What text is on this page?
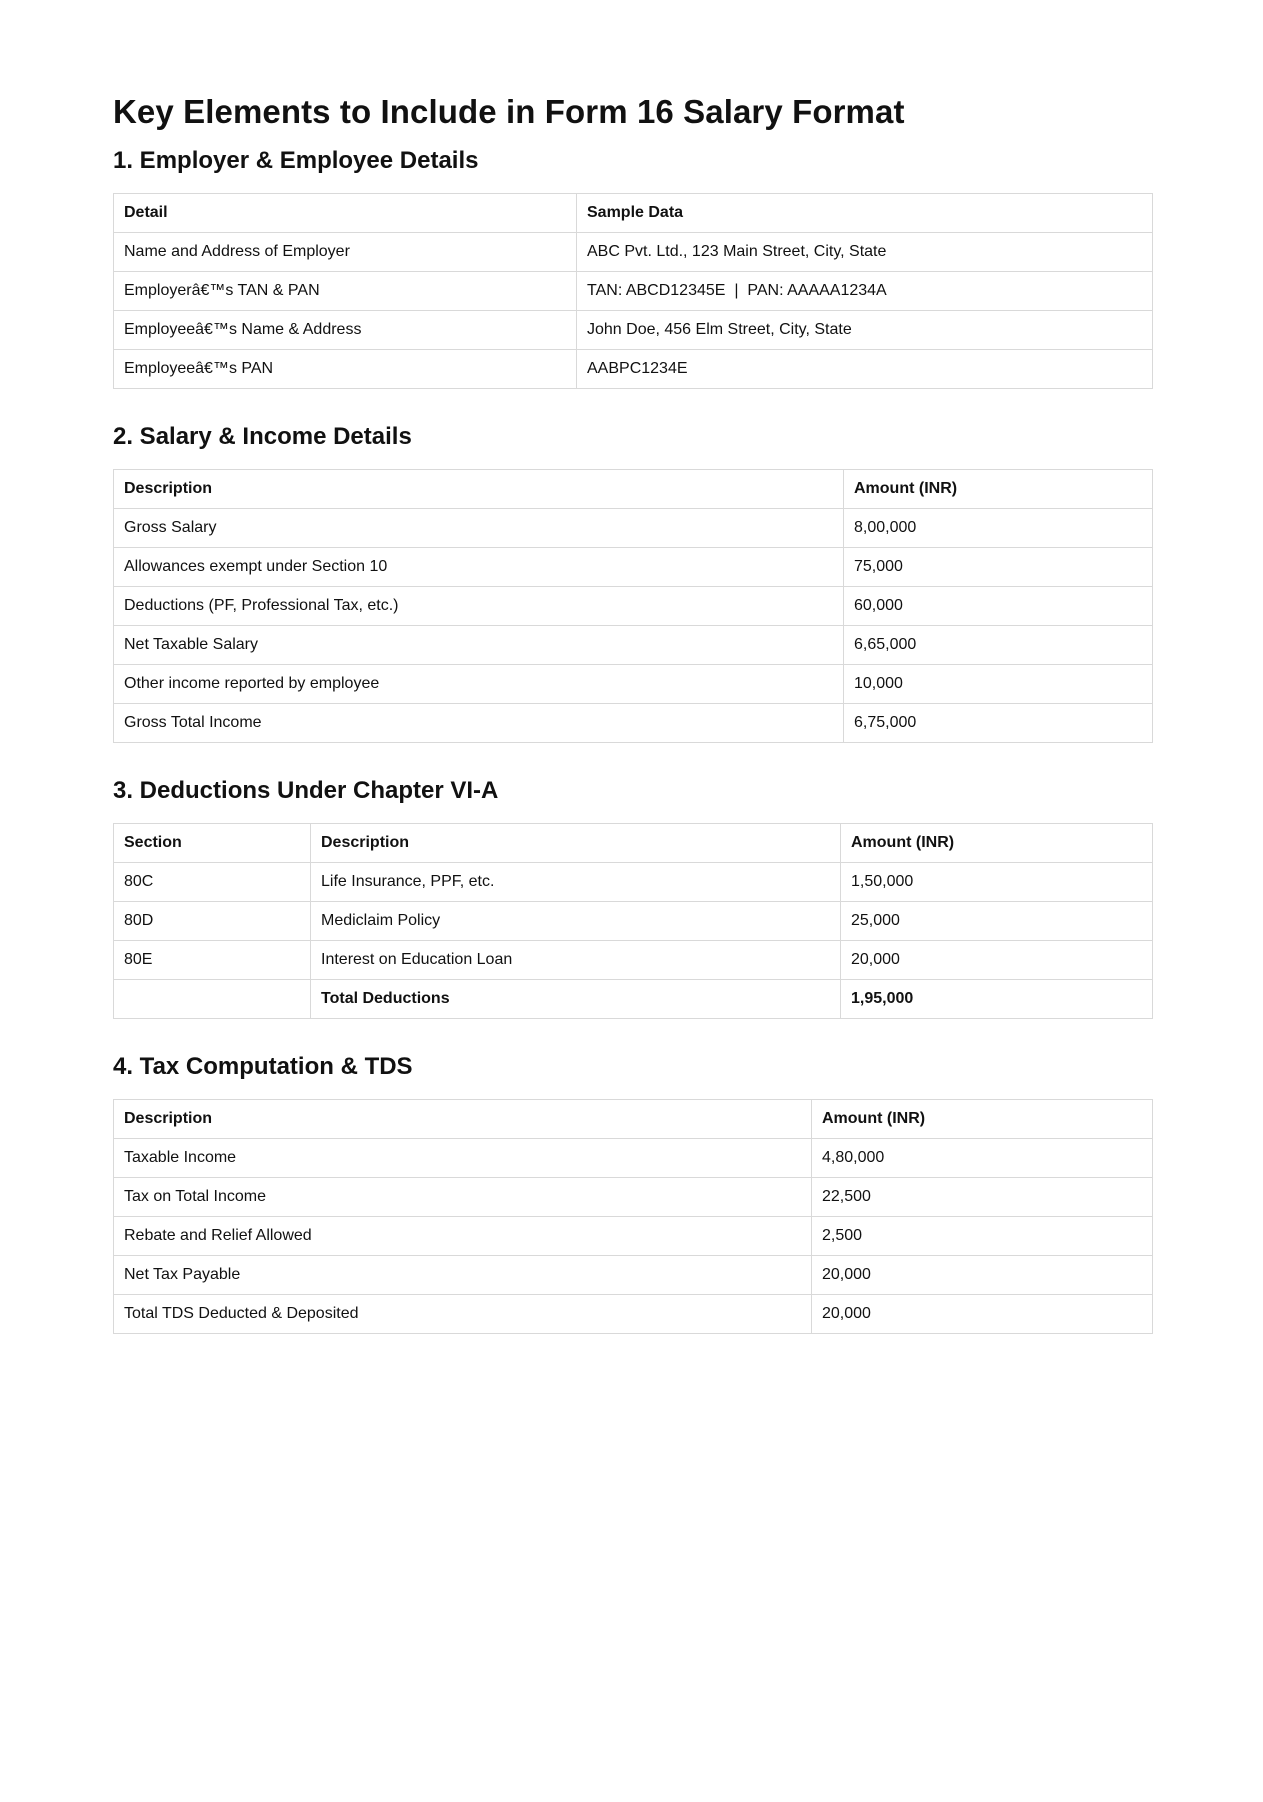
Key Elements to Include in Form 16 Salary Format
1. Employer & Employee Details
Detail	Sample Data
Name and Address of Employer	ABC Pvt. Ltd., 123 Main Street, City, State
Employerâ€™s TAN & PAN	TAN: ABCD12345E  |  PAN: AAAAA1234A
Employeeâ€™s Name & Address	John Doe, 456 Elm Street, City, State
Employeeâ€™s PAN	AABPC1234E
2. Salary & Income Details
Description	Amount (INR)
Gross Salary	8,00,000
Allowances exempt under Section 10	75,000
Deductions (PF, Professional Tax, etc.)	60,000
Net Taxable Salary	6,65,000
Other income reported by employee	10,000
Gross Total Income	6,75,000
3. Deductions Under Chapter VI-A
Section	Description	Amount (INR)
80C	Life Insurance, PPF, etc.	1,50,000
80D	Mediclaim Policy	25,000
80E	Interest on Education Loan	20,000
	Total Deductions	1,95,000
4. Tax Computation & TDS
Description	Amount (INR)
Taxable Income	4,80,000
Tax on Total Income	22,500
Rebate and Relief Allowed	2,500
Net Tax Payable	20,000
Total TDS Deducted & Deposited	20,000
